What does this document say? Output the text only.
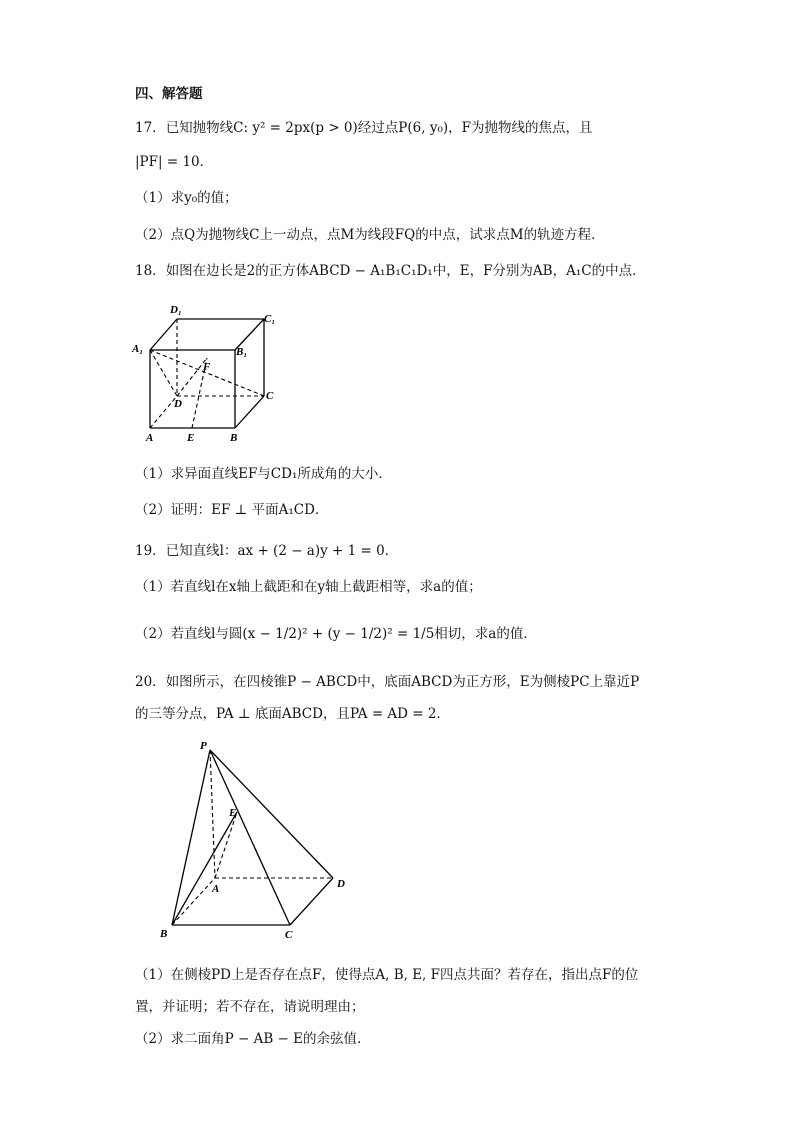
四、解答题
17．已知抛物线C: y² = 2px(p > 0)经过点P(6, y₀)，F为抛物线的焦点，且
|PF| = 10．
（1）求y₀的值；
（2）点Q为抛物线C上一动点，点M为线段FQ的中点，试求点M的轨迹方程．
18．如图在边长是2的正方体ABCD − A₁B₁C₁D₁中，E，F分别为AB，A₁C的中点．
D₁
C₁
A₁	B₁
F
D
C
A	E	B
（1）求异面直线EF与CD₁所成角的大小．
（2）证明：EF ⊥ 平面A₁CD．
19．已知直线l：ax + (2 − a)y + 1 = 0．
（1）若直线l在x轴上截距和在y轴上截距相等，求a的值；
（2）若直线l与圆(x − 1/2)² + (y − 1/2)² = 1/5相切，求a的值．
20．如图所示，在四棱锥P − ABCD中，底面ABCD为正方形，E为侧棱PC上靠近P
的三等分点，PA ⊥ 底面ABCD，且PA = AD = 2．
P
E
A	D
B	C
（1）在侧棱PD上是否存在点F，使得点A, B, E, F四点共面？若存在，指出点F的位
置，并证明；若不存在，请说明理由；
（2）求二面角P − AB − E的余弦值.
